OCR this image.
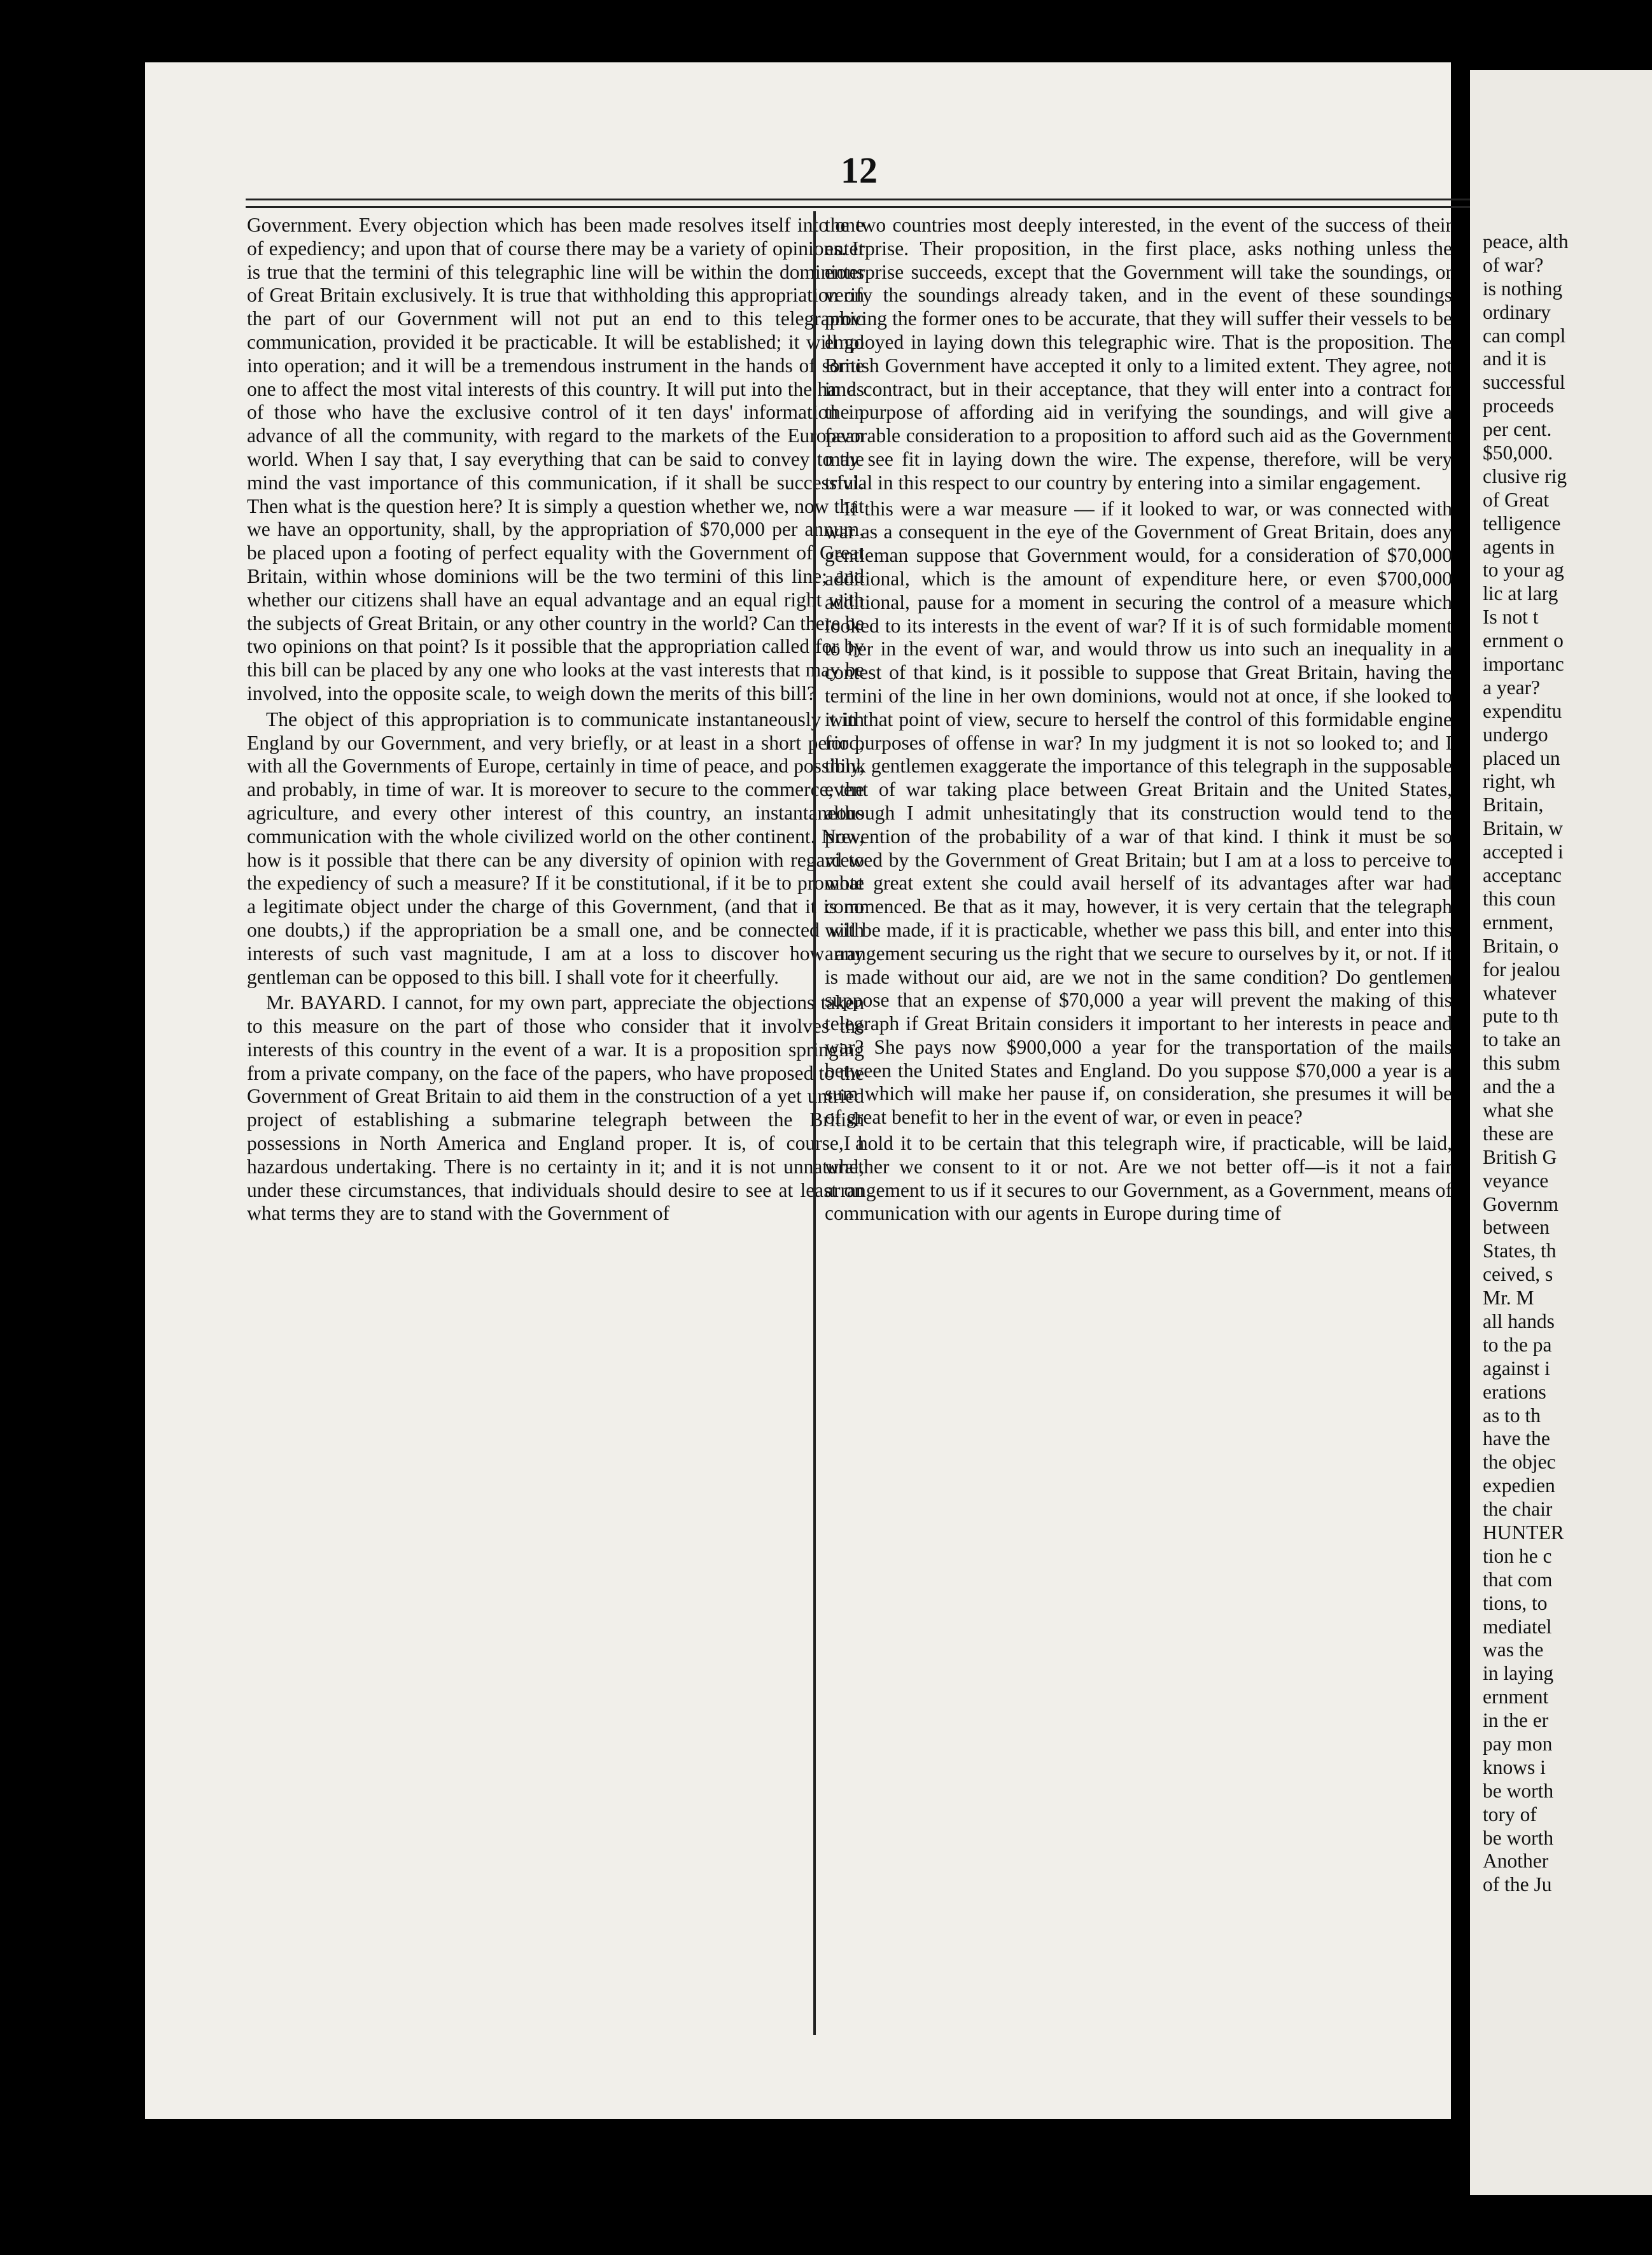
12

Government. Every objection which has been made resolves itself into one of expediency; and upon that of course there may be a variety of opinions. It is true that the termini of this telegraphic line will be within the dominions of Great Britain exclusively. It is true that withholding this appropriation on the part of our Government will not put an end to this telegraphic communication, provided it be practicable. It will be established; it will go into operation; and it will be a tremendous instrument in the hands of some one to affect the most vital interests of this country. It will put into the hands of those who have the exclusive control of it ten days' information in advance of all the community, with regard to the markets of the European world. When I say that, I say everything that can be said to convey to the mind the vast importance of this communication, if it shall be successful. Then what is the question here? It is simply a question whether we, now that we have an opportunity, shall, by the appropriation of $70,000 per annum, be placed upon a footing of perfect equality with the Government of Great Britain, within whose dominions will be the two termini of this line; and whether our citizens shall have an equal advantage and an equal right with the subjects of Great Britain, or any other country in the world? Can there be two opinions on that point? Is it possible that the appropriation called for by this bill can be placed by any one who looks at the vast interests that may be involved, into the opposite scale, to weigh down the merits of this bill?

The object of this appropriation is to communicate instantaneously with England by our Government, and very briefly, or at least in a short period, with all the Governments of Europe, certainly in time of peace, and possibly, and probably, in time of war. It is moreover to secure to the commerce, the agriculture, and every other interest of this country, an instantaneous communication with the whole civilized world on the other continent. Now, how is it possible that there can be any diversity of opinion with regard to the expediency of such a measure? If it be constitutional, if it be to promote a legitimate object under the charge of this Government, (and that it is no one doubts,) if the appropriation be a small one, and be connected with interests of such vast magnitude, I am at a loss to discover how any gentleman can be opposed to this bill. I shall vote for it cheerfully.

Mr. BAYARD. I cannot, for my own part, appreciate the objections taken to this measure on the part of those who consider that it involves the interests of this country in the event of a war. It is a proposition springing from a private company, on the face of the papers, who have proposed to the Government of Great Britain to aid them in the construction of a yet untried project of establishing a submarine telegraph between the British possessions in North America and England proper. It is, of course, a hazardous undertaking. There is no certainty in it; and it is not unnatural, under these circumstances, that individuals should desire to see at least on what terms they are to stand with the Government of

the two countries most deeply interested, in the event of the success of their enterprise. Their proposition, in the first place, asks nothing unless the enterprise succeeds, except that the Government will take the soundings, or verify the soundings already taken, and in the event of these soundings proving the former ones to be accurate, that they will suffer their vessels to be employed in laying down this telegraphic wire. That is the proposition. The British Government have accepted it only to a limited extent. They agree, not in a contract, but in their acceptance, that they will enter into a contract for the purpose of affording aid in verifying the soundings, and will give a favorable consideration to a proposition to afford such aid as the Government may see fit in laying down the wire. The expense, therefore, will be very trivial in this respect to our country by entering into a similar engagement.

If this were a war measure — if it looked to war, or was connected with war as a consequent in the eye of the Government of Great Britain, does any gentleman suppose that Government would, for a consideration of $70,000 additional, which is the amount of expenditure here, or even $700,000 additional, pause for a moment in securing the control of a measure which looked to its interests in the event of war? If it is of such formidable moment to her in the event of war, and would throw us into such an inequality in a contest of that kind, is it possible to suppose that Great Britain, having the termini of the line in her own dominions, would not at once, if she looked to it in that point of view, secure to herself the control of this formidable engine for purposes of offense in war? In my judgment it is not so looked to; and I think gentlemen exaggerate the importance of this telegraph in the supposable event of war taking place between Great Britain and the United States, although I admit unhesitatingly that its construction would tend to the prevention of the probability of a war of that kind. I think it must be so viewed by the Government of Great Britain; but I am at a loss to perceive to what great extent she could avail herself of its advantages after war had commenced. Be that as it may, however, it is very certain that the telegraph will be made, if it is practicable, whether we pass this bill, and enter into this arrangement securing us the right that we secure to ourselves by it, or not. If it is made without our aid, are we not in the same condition? Do gentlemen suppose that an expense of $70,000 a year will prevent the making of this telegraph if Great Britain considers it important to her interests in peace and war? She pays now $900,000 a year for the transportation of the mails between the United States and England. Do you suppose $70,000 a year is a sum which will make her pause if, on consideration, she presumes it will be of great benefit to her in the event of war, or even in peace?

I hold it to be certain that this telegraph wire, if practicable, will be laid, whether we consent to it or not. Are we not better off—is it not a fair arrangement to us if it secures to our Government, as a Government, means of communication with our agents in Europe during time of

peace, alth
of war?
is nothing
ordinary
can compl
and it is
successful
proceeds
per cent.
$50,000.
clusive rig
of Great
telligence
agents in
to your ag
lic at larg
Is not t
ernment o
importanc
a year?
expenditu
undergo
placed un
right, wh
Britain,
Britain, w
accepted i
acceptanc
this coun
ernment,
Britain, o
for jealou
whatever
pute to th
to take an
this subm
and the a
what she
these are
British G
veyance
Governm
between
States, th
ceived, s
Mr. M
all hands
to the pa
against i
erations
as to th
have the
the objec
expedien
the chair
HUNTER
tion he c
that com
tions, to
mediatel
was the
in laying
ernment
in the er
pay mon
knows i
be worth
tory of
be worth
Another
of the Ju
